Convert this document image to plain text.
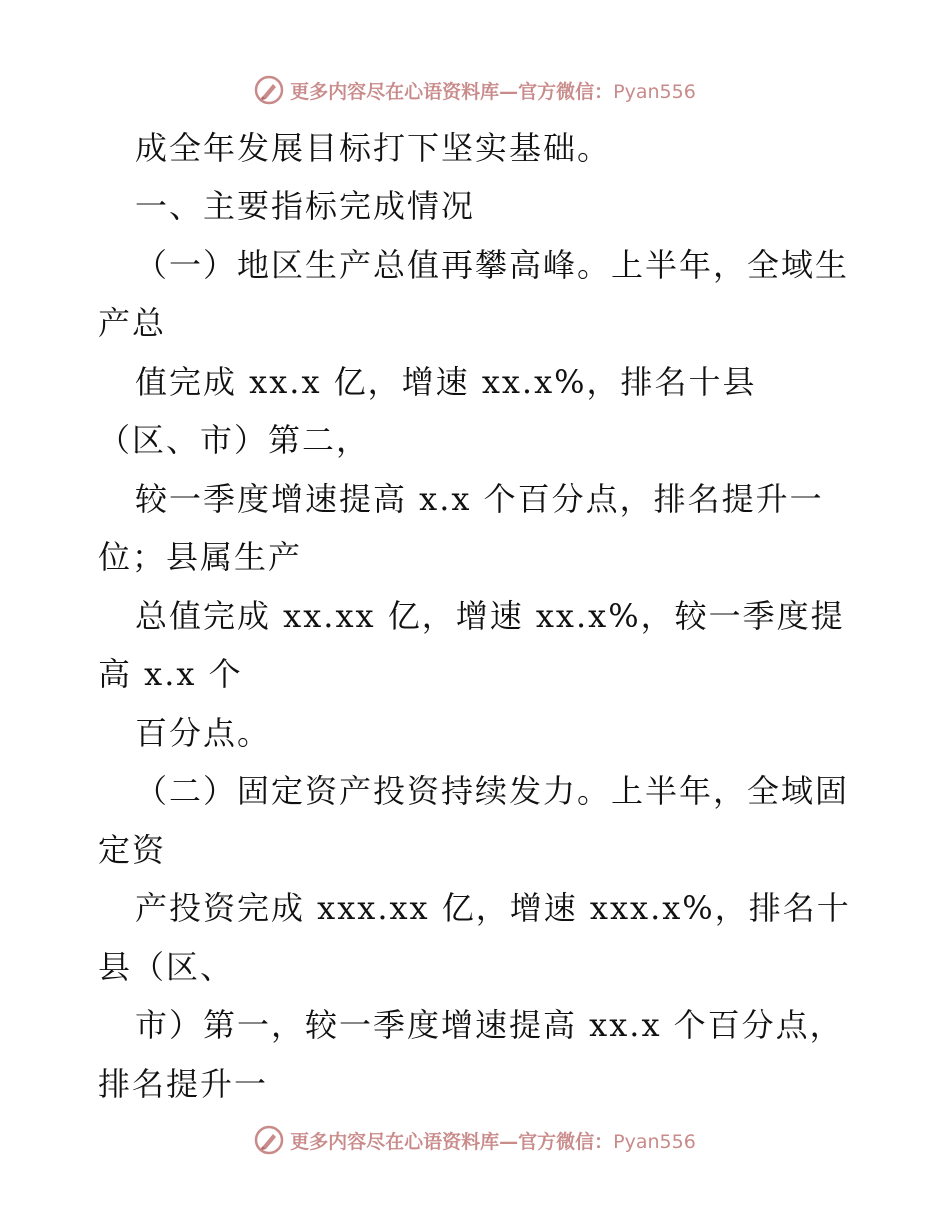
更多内容尽在心语资料库—官方微信：Pyan556
成全年发展目标打下坚实基础。
一、主要指标完成情况
（一）地区生产总值再攀高峰。上半年，全域生
产总
值完成 xx.x 亿，增速 xx.x%，排名十县
（区、市）第二，
较一季度增速提高 x.x 个百分点，排名提升一
位；县属生产
总值完成 xx.xx 亿，增速 xx.x%，较一季度提
高 x.x 个
百分点。
（二）固定资产投资持续发力。上半年，全域固
定资
产投资完成 xxx.xx 亿，增速 xxx.x%，排名十
县（区、
市）第一，较一季度增速提高 xx.x 个百分点，
排名提升一
更多内容尽在心语资料库—官方微信：Pyan556
